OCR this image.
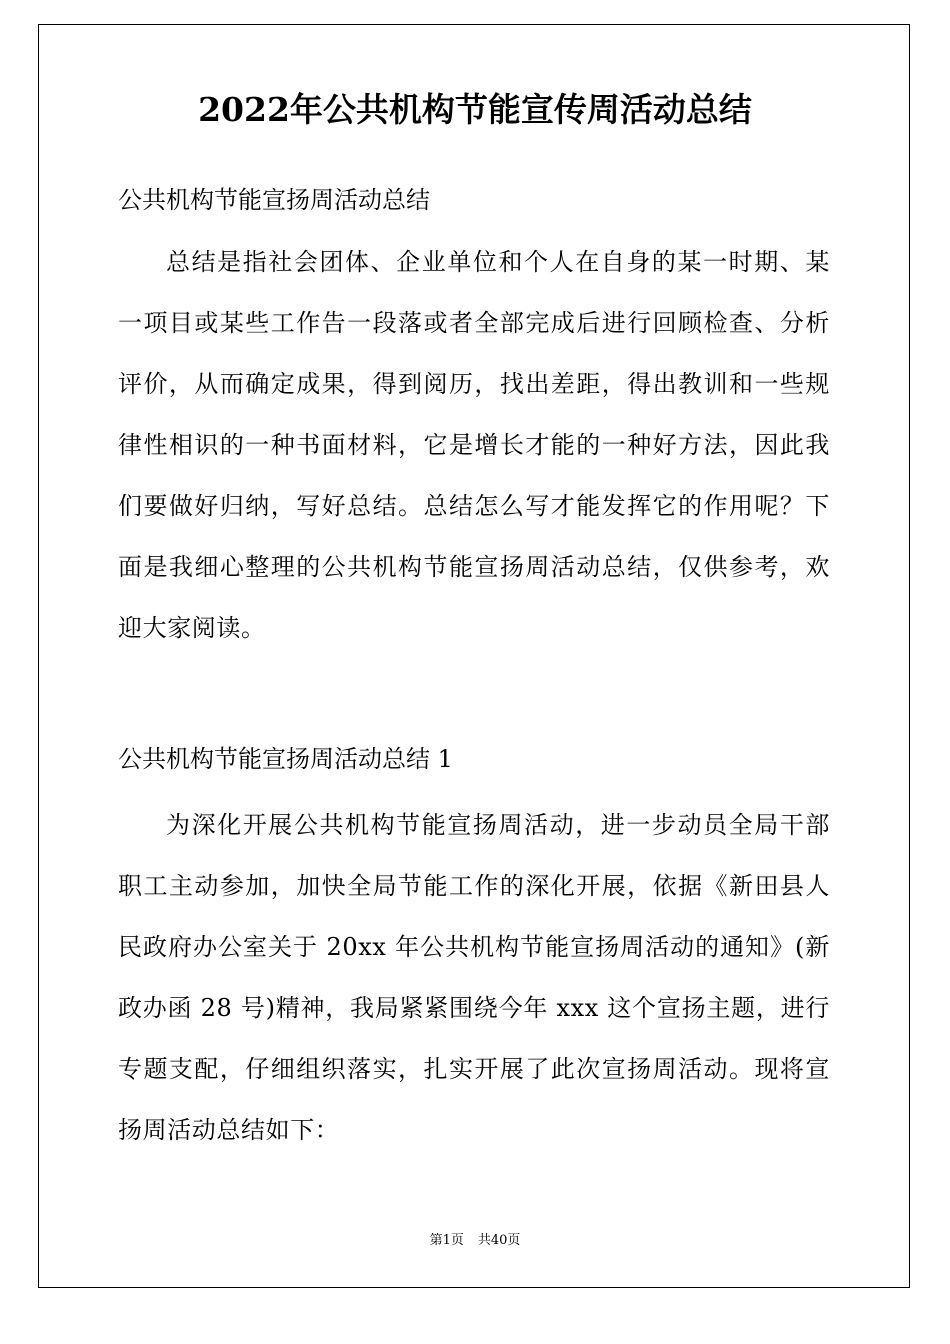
2022年公共机构节能宣传周活动总结

公共机构节能宣扬周活动总结

总结是指社会团体、企业单位和个人在自身的某一时期、某一项目或某些工作告一段落或者全部完成后进行回顾检查、分析评价，从而确定成果，得到阅历，找出差距，得出教训和一些规律性相识的一种书面材料，它是增长才能的一种好方法，因此我们要做好归纳，写好总结。总结怎么写才能发挥它的作用呢？下面是我细心整理的公共机构节能宣扬周活动总结，仅供参考，欢迎大家阅读。

公共机构节能宣扬周活动总结 1

为深化开展公共机构节能宣扬周活动，进一步动员全局干部职工主动参加，加快全局节能工作的深化开展，依据《新田县人民政府办公室关于 20xx 年公共机构节能宣扬周活动的通知》(新政办函 28 号)精神，我局紧紧围绕今年 xxx 这个宣扬主题，进行专题支配，仔细组织落实，扎实开展了此次宣扬周活动。现将宣扬周活动总结如下：

第1页 共40页
